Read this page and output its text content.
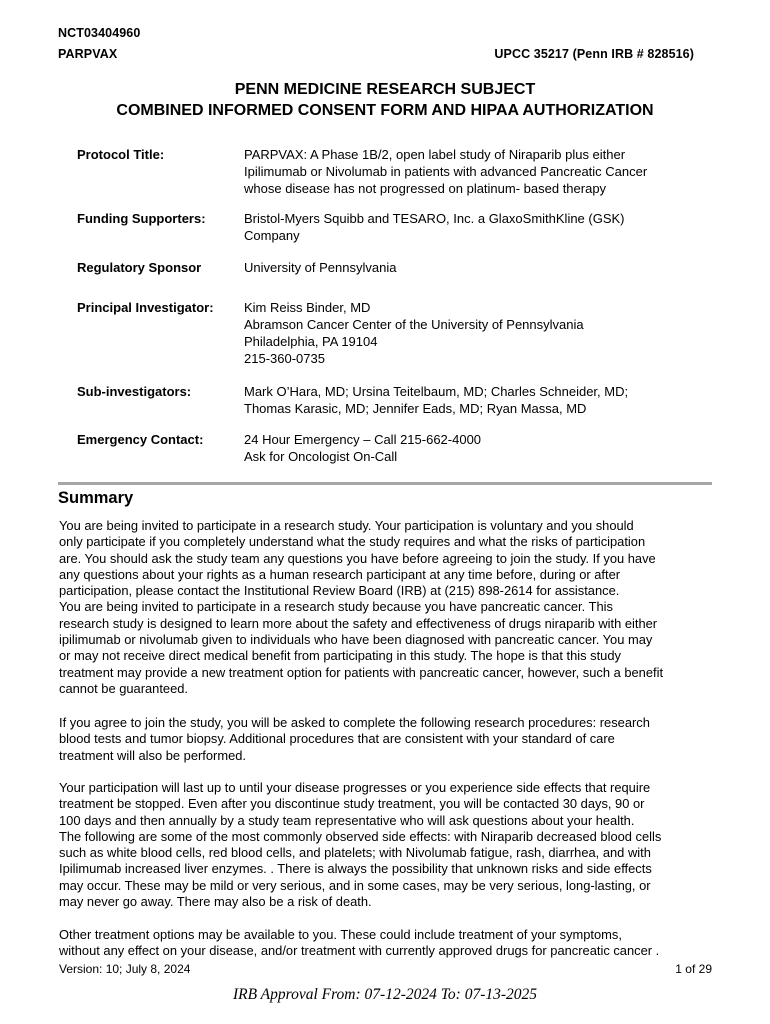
NCT03404960
PARPVAX	UPCC 35217 (Penn IRB # 828516)
PENN MEDICINE RESEARCH SUBJECT
COMBINED INFORMED CONSENT FORM AND HIPAA AUTHORIZATION
Protocol Title:	PARPVAX: A Phase 1B/2, open label study of Niraparib plus either
Ipilimumab or Nivolumab in patients with advanced Pancreatic Cancer
whose disease has not progressed on platinum- based therapy
Funding Supporters:	Bristol-Myers Squibb and TESARO, Inc. a GlaxoSmithKline (GSK)
Company
Regulatory Sponsor	University of Pennsylvania
Principal Investigator: Kim Reiss Binder, MD
Abramson Cancer Center of the University of Pennsylvania
Philadelphia, PA 19104
215-360-0735
Sub-investigators:	Mark O’Hara, MD; Ursina Teitelbaum, MD; Charles Schneider, MD;
Thomas Karasic, MD; Jennifer Eads, MD; Ryan Massa, MD
Emergency Contact:	24 Hour Emergency – Call 215-662-4000
Ask for Oncologist On-Call
Summary
You are being invited to participate in a research study. Your participation is voluntary and you should
only participate if you completely understand what the study requires and what the risks of participation
are. You should ask the study team any questions you have before agreeing to join the study. If you have
any questions about your rights as a human research participant at any time before, during or after
participation, please contact the Institutional Review Board (IRB) at (215) 898-2614 for assistance.
You are being invited to participate in a research study because you have pancreatic cancer. This
research study is designed to learn more about the safety and effectiveness of drugs niraparib with either
ipilimumab or nivolumab given to individuals who have been diagnosed with pancreatic cancer. You may
or may not receive direct medical benefit from participating in this study. The hope is that this study
treatment may provide a new treatment option for patients with pancreatic cancer, however, such a benefit
cannot be guaranteed.
If you agree to join the study, you will be asked to complete the following research procedures: research
blood tests and tumor biopsy. Additional procedures that are consistent with your standard of care
treatment will also be performed.
Your participation will last up to until your disease progresses or you experience side effects that require
treatment be stopped. Even after you discontinue study treatment, you will be contacted 30 days, 90 or
100 days and then annually by a study team representative who will ask questions about your health.
The following are some of the most commonly observed side effects: with Niraparib decreased blood cells
such as white blood cells, red blood cells, and platelets; with Nivolumab fatigue, rash, diarrhea, and with
Ipilimumab increased liver enzymes. . There is always the possibility that unknown risks and side effects
may occur. These may be mild or very serious, and in some cases, may be very serious, long-lasting, or
may never go away. There may also be a risk of death.
Other treatment options may be available to you. These could include treatment of your symptoms,
without any effect on your disease, and/or treatment with currently approved drugs for pancreatic cancer .
Version: 10; July 8, 2024	1 of 29
IRB Approval From: 07-12-2024 To: 07-13-2025
